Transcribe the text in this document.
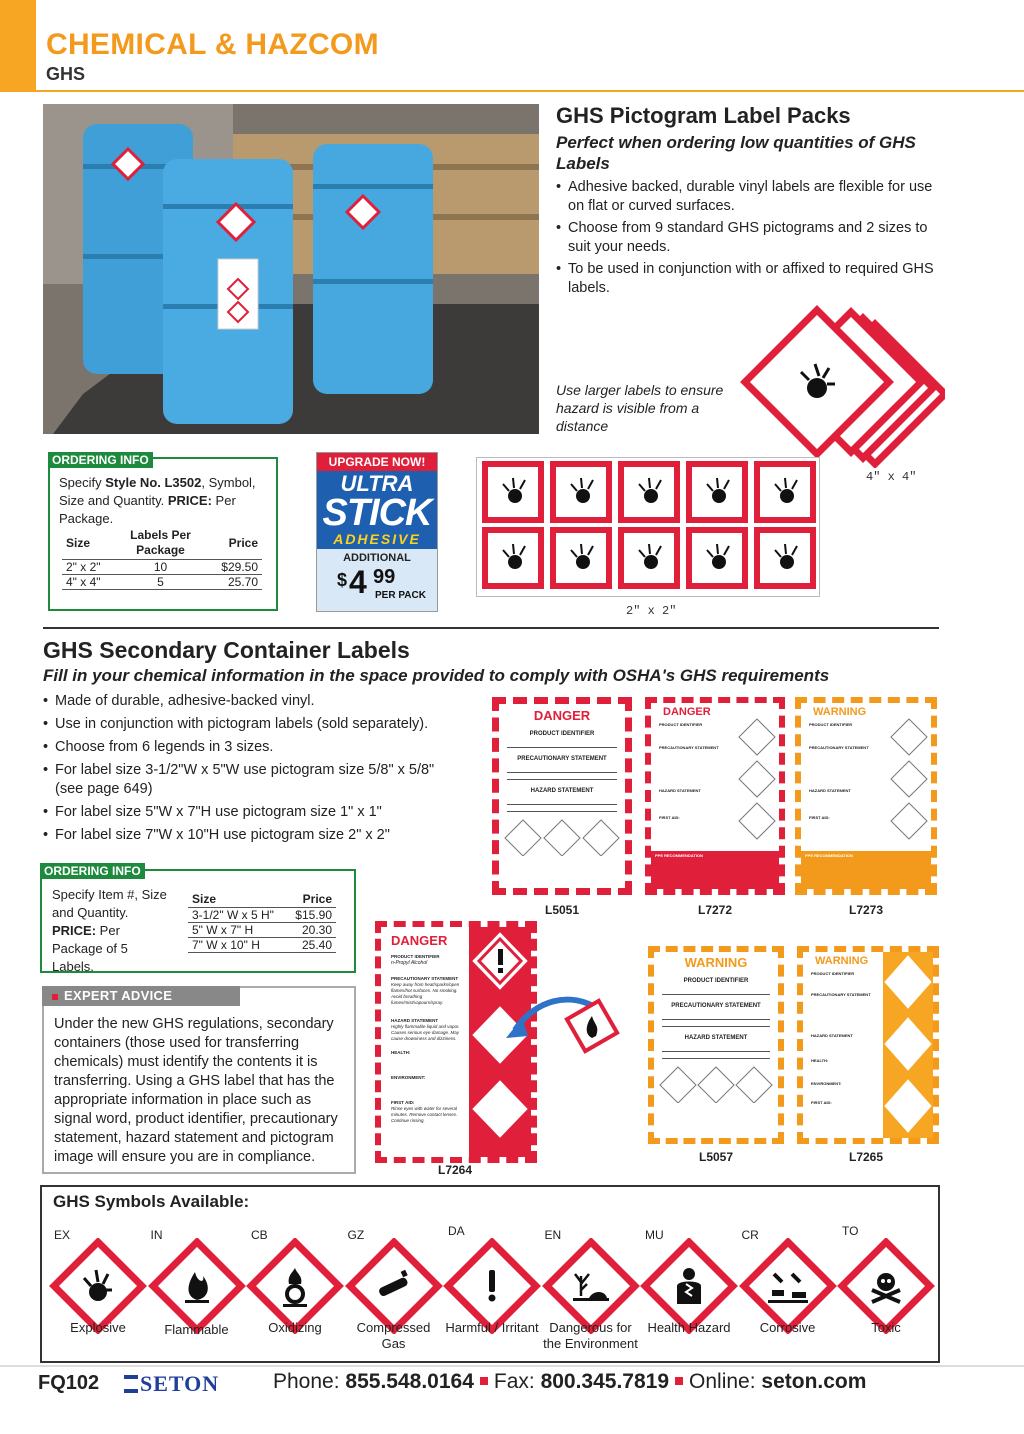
CHEMICAL & HAZCOM
GHS
GHS Pictogram Label Packs
Perfect when ordering low quantities of GHS Labels
• Adhesive backed, durable vinyl labels are flexible for use on flat or curved surfaces.
• Choose from 9 standard GHS pictograms and 2 sizes to suit your needs.
• To be used in conjunction with or affixed to required GHS labels.
Use larger labels to ensure hazard is visible from a distance
4" x 4"
2" x 2"
ORDERING INFO
Specify Style No. L3502, Symbol, Size and Quantity. PRICE: Per Package.
Size	Labels Per Package	Price
2" x 2"	10	$29.50
4" x 4"	5	25.70
UPGRADE NOW!
ULTRA
STICK
ADHESIVE
ADDITIONAL
$ 4 99
PER PACK
GHS Secondary Container Labels
Fill in your chemical information in the space provided to comply with OSHA's GHS requirements
• Made of durable, adhesive-backed vinyl.
• Use in conjunction with pictogram labels (sold separately).
• Choose from 6 legends in 3 sizes.
• For label size 3-1/2"W x 5"W use pictogram size 5/8" x 5/8" (see page 649)
• For label size 5"W x 7"H use pictogram size 1" x 1"
• For label size 7"W x 10"H use pictogram size 2" x 2"
ORDERING INFO
Specify Item #, Size and Quantity. PRICE: Per Package of 5 Labels.
Size	Price
3-1/2" W x 5 H"	$15.90
5" W x 7" H	20.30
7" W x 10" H	25.40
EXPERT ADVICE
Under the new GHS regulations, secondary containers (those used for transferring chemicals) must identify the contents it is transferring. Using a GHS label that has the appropriate information in place such as signal word, product identifier, precautionary statement, hazard statement and pictogram image will ensure you are in compliance.
DANGER
PRODUCT IDENTIFIER
PRECAUTIONARY STATEMENT
HAZARD STATEMENT
L5051
DANGER
PRODUCT IDENTIFIER
PRECAUTIONARY STATEMENT
HAZARD STATEMENT
FIRST AID:
PPE RECOMMENDATION
L7272
WARNING
PRODUCT IDENTIFIER
PRECAUTIONARY STATEMENT
HAZARD STATEMENT
FIRST AID:
PPE RECOMMENDATION
L7273
DANGER
PRODUCT IDENTIFIER
n-Propyl Alcohol
PRECAUTIONARY STATEMENT
Keep away from heat/sparks/open flames/hot surfaces. No smoking. Avoid breathing fumes/mist/vapours/spray.
HAZARD STATEMENT
Highly flammable liquid and vapor. Causes serious eye damage. May cause drowsiness and dizziness.
HEALTH:
ENVIRONMENT:
FIRST AID:
Rinse eyes with water for several minutes. Remove contact lenses. Continue rinsing.
L7264
WARNING
PRODUCT IDENTIFIER
PRECAUTIONARY STATEMENT
HAZARD STATEMENT
L5057
WARNING
PRODUCT IDENTIFIER
PRECAUTIONARY STATEMENT
HAZARD STATEMENT
HEALTH:
ENVIRONMENT:
FIRST AID:
L7265
GHS Symbols Available:
EX
Explosive
IN
Flammable
CB
Oxidizing
GZ
Compressed Gas
DA
Harmful / Irritant
EN
Dangerous for the Environment
MU
Health Hazard
CR
Corrosive
TO
Toxic
FQ102	SETON	Phone: 855.548.0164 Fax: 800.345.7819 Online: seton.com
